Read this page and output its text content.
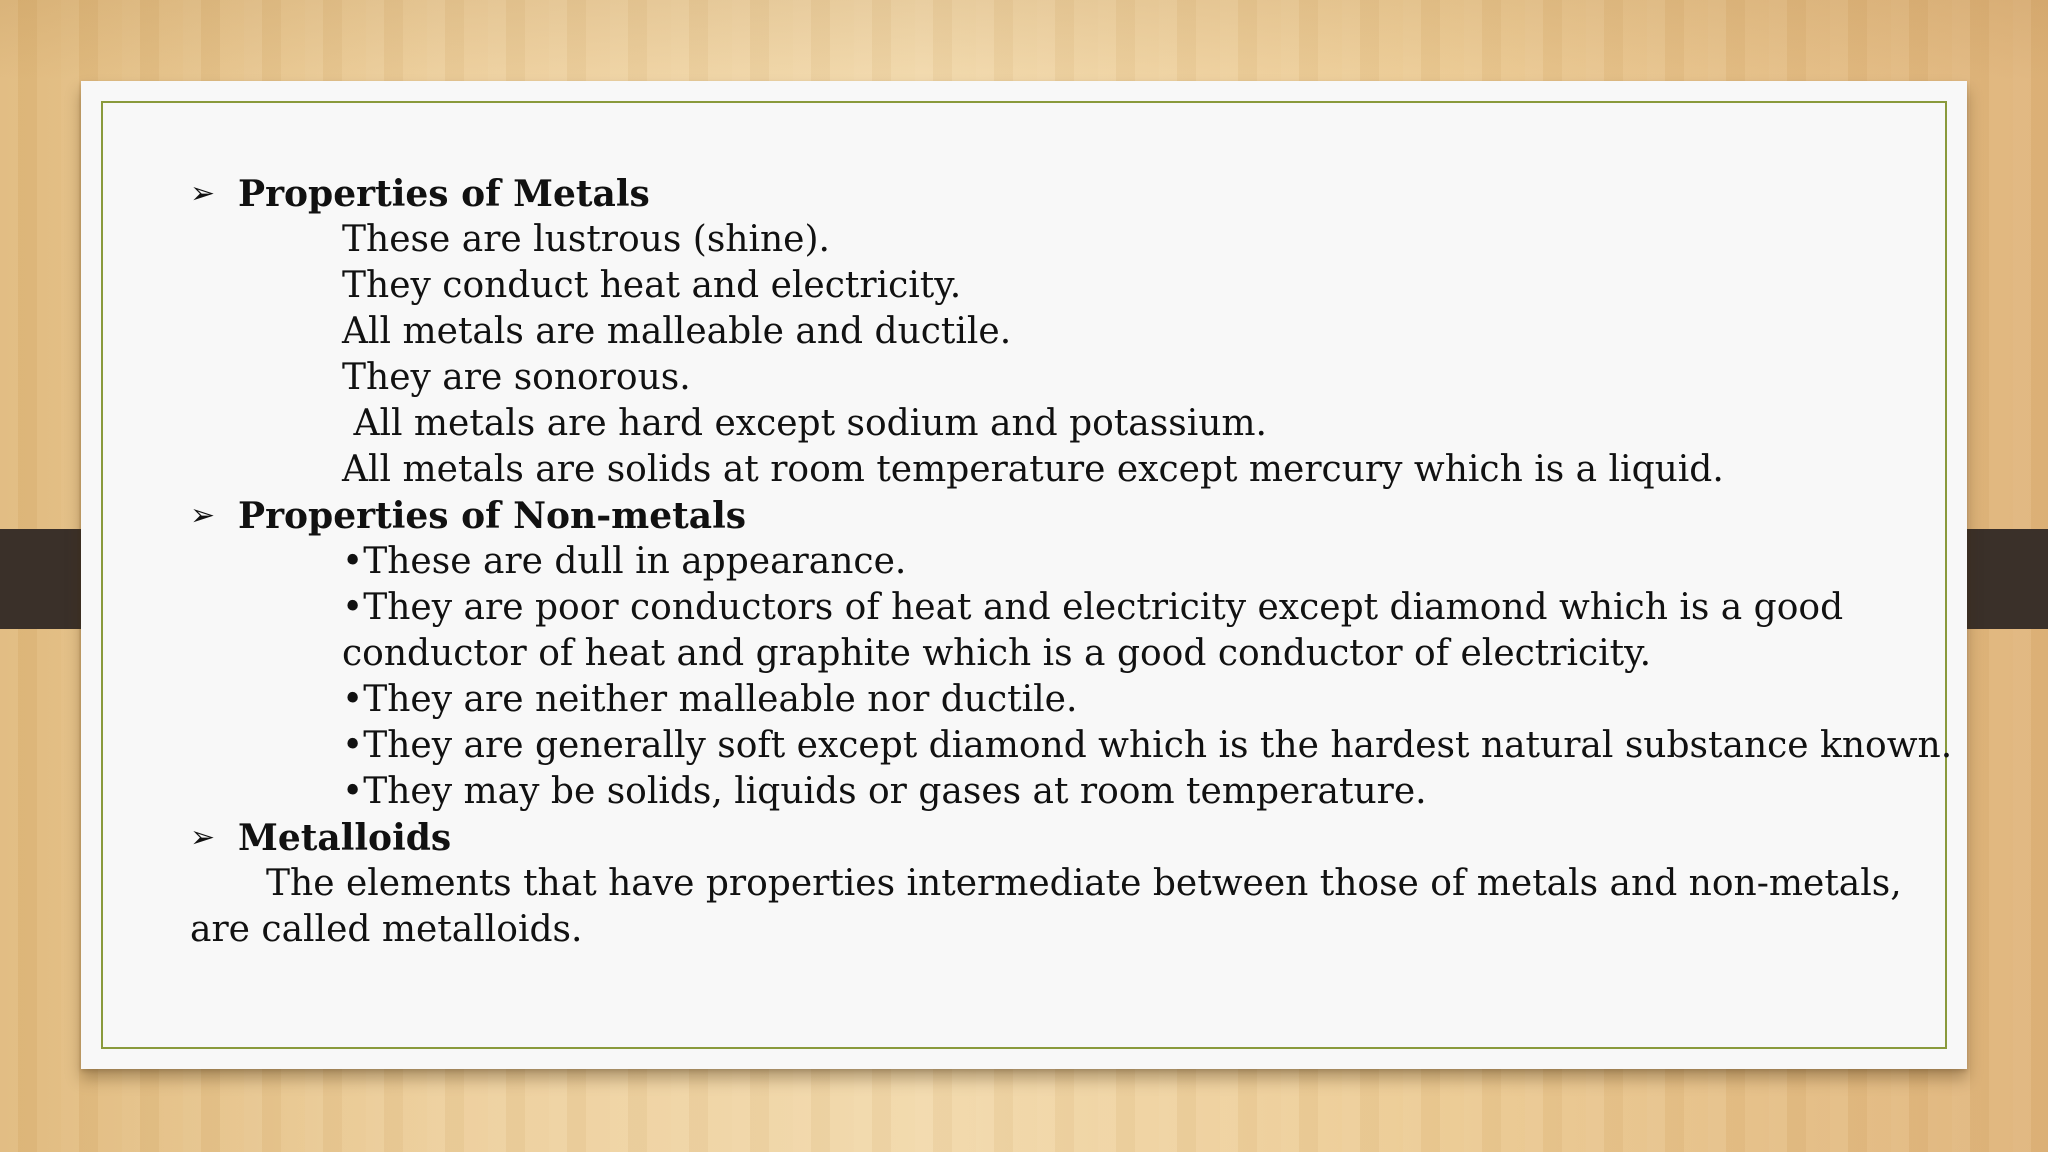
➢ Properties of Metals

These are lustrous (shine).

They conduct heat and electricity.

All metals are malleable and ductile.

They are sonorous.

All metals are hard except sodium and potassium.

All metals are solids at room temperature except mercury which is a liquid.

➢ Properties of Non-metals

•These are dull in appearance.

•They are poor conductors of heat and electricity except diamond which is a good

conductor of heat and graphite which is a good conductor of electricity.

•They are neither malleable nor ductile.

•They are generally soft except diamond which is the hardest natural substance known.

•They may be solids, liquids or gases at room temperature.

➢ Metalloids

The elements that have properties intermediate between those of metals and non-metals, are called metalloids.
